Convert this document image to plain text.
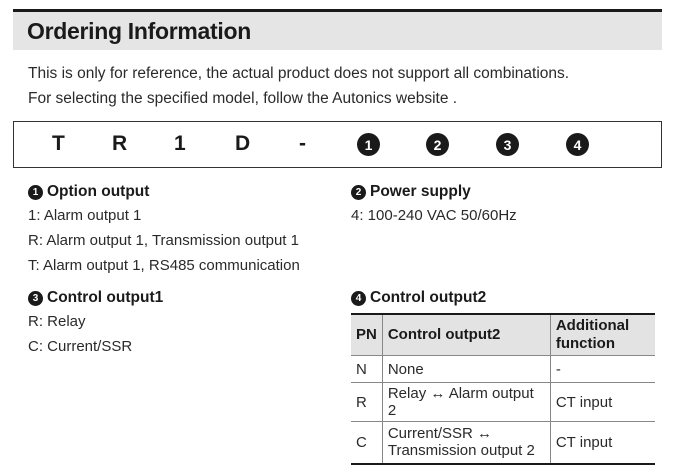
Ordering Information
This is only for reference, the actual product does not support all combinations.
For selecting the specified model, follow the Autonics website .
T R 1 D -	1	2	3	4
1 Option output
1: Alarm output 1
R: Alarm output 1, Transmission output 1
T: Alarm output 1, RS485 communication
2 Power supply
4: 100-240 VAC 50/60Hz
3 Control output1
R: Relay
C: Current/SSR
4 Control output2
PN	Control output2	Additional function
N	None	-
R	Relay ↔ Alarm output 2	CT input
C	Current/SSR ↔ Transmission output 2	CT input
